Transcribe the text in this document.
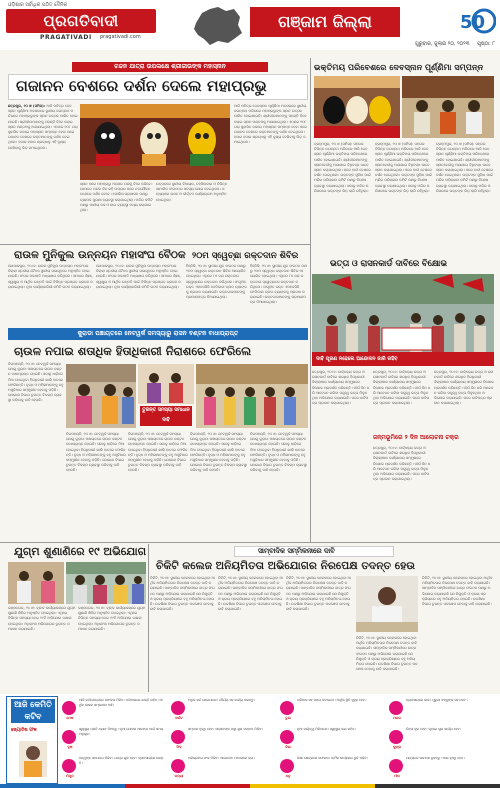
ଓଡ଼ିଶାର ସର୍ବାଧିକ ପଠିତ ଦୈନିକ
ପ୍ରଗତିବାଦୀ
PRAGATIVADI pragativadi.com
ଗଞ୍ଜାମ ଜିଲ୍ଲା	50
ଗୁରୁବାର, ଜୁଲାଇ ୨୦, ୨୦୨୩ ପୃଷ୍ଠା: ୮
ଚନ୍ଦନ ଯାତ୍ରା ଉପଲକ୍ଷେ ଶ୍ରୀଜୀଉଙ୍କ ମହାସ୍ନାନ
ଗଜାନନ ବେଶରେ ଦର୍ଶନ ଦେଲେ ମହାପ୍ରଭୁ
ଛତ୍ରପୁର, ୨୦।୭ (ସମିସ): ଆଜି ପବିତ୍ର ଦେବସ୍ନାନ ପୂର୍ଣ୍ଣିମା ଅବସରରେ ସ୍ଥାନୀୟ ଜଗନ୍ନାଥ ମନ୍ଦିରରେ ମହାପ୍ରଭୁଙ୍କ ସ୍ନାନ ଉତ୍ସବ ପାଳିତ ହୋଇଯାଇଛି। ଶ୍ରୀଜୀଉମାନଙ୍କୁ ପହଣ୍ଡି ବିଜେ କରାଇ ସ୍ନାନ ମଣ୍ଡପକୁ ଅଣାଯାଇଥିଲା। ଏଠାରେ ୧୦୮ ଗରା ସୁବାସିତ ଜଳରେ ମହାସ୍ନାନ ସମ୍ପନ୍ନ ହେବା ପରେ ଗଜାନନ ବେଶରେ ଭକ୍ତମାନଙ୍କୁ ଦର୍ଶନ ଦେଇଥିଲେ। ହଜାର ହଜାର ଶ୍ରଦ୍ଧାଳୁ ଏହି ଦୃଶ୍ୟ ଦେଖିବାକୁ ଭିଡ଼ ଜମାଇଥିଲେ।
ସ୍ନାନ ପରେ ମହାପ୍ରଭୁ ଅଣସର ଘରକୁ ବିଜେ କରିବେ। ସେଠାରେ ପନ୍ଦର ଦିନ ରହି ଉପଚାର ପରେ ନବଯୌବନ ବେଶରେ ଦର୍ଶନ ଦେବେ। ପୋଲିସ ପ୍ରଶାସନ ପକ୍ଷରୁ ବ୍ୟାପକ ସୁରକ୍ଷା ବ୍ୟବସ୍ଥା କରାଯାଇଥିଲା। ମନ୍ଦିର କମିଟି ପକ୍ଷରୁ ପାନୀୟ ଜଳ ଓ ଛାଇ ବ୍ୟବସ୍ଥା ମଧ୍ୟ କରାଯାଇଥିଲା।
ଉତ୍ସବରେ ସ୍ଥାନୀୟ ବିଧାୟକ, ତହସିଲଦାର ଓ ବିଭିନ୍ନ ସାମାଜିକ ସଂଗଠନର ସଦସ୍ୟ ଯୋଗ ଦେଇଥିଲେ। ସନ୍ଧ୍ୟାରେ ଭଜନ ଓ କୀର୍ତ୍ତନ କାର୍ଯ୍ୟକ୍ରମ ଅନୁଷ୍ଠିତ ହୋଇଥିଲା।
ଆଜି ପବିତ୍ର ଦେବସ୍ନାନ ପୂର୍ଣ୍ଣିମା ଅବସରରେ ସ୍ଥାନୀୟ ଜଗନ୍ନାଥ ମନ୍ଦିରରେ ମହାପ୍ରଭୁଙ୍କ ସ୍ନାନ ଉତ୍ସବ ପାଳିତ ହୋଇଯାଇଛି। ଶ୍ରୀଜୀଉମାନଙ୍କୁ ପହଣ୍ଡି ବିଜେ କରାଇ ସ୍ନାନ ମଣ୍ଡପକୁ ଅଣାଯାଇଥିଲା। ଏଠାରେ ୧୦୮ ଗରା ସୁବାସିତ ଜଳରେ ମହାସ୍ନାନ ସମ୍ପନ୍ନ ହେବା ପରେ ଗଜାନନ ବେଶରେ ଭକ୍ତମାନଙ୍କୁ ଦର୍ଶନ ଦେଇଥିଲେ। ହଜାର ହଜାର ଶ୍ରଦ୍ଧାଳୁ ଏହି ଦୃଶ୍ୟ ଦେଖିବାକୁ ଭିଡ଼ ଜମାଇଥିଲେ।
ଭକ୍ତିମୟ ପରିବେଶରେ ଦେବସ୍ନାନ ପୂର୍ଣ୍ଣିମା ସମ୍ପନ୍ନ
ବ୍ରହ୍ମପୁର, ୨୦।୭ (ସମିସ): ସହରର ବିଭିନ୍ନ ଜଗନ୍ନାଥ ମନ୍ଦିରରେ ଆଜି ଦେବସ୍ନାନ ପୂର୍ଣ୍ଣିମା ଭକ୍ତିମୟ ପରିବେଶରେ ପାଳିତ ହୋଇଯାଇଛି। ଶ୍ରୀଜୀଉମାନଙ୍କୁ ସ୍ନାନବେଦୀକୁ ଅଣାଯାଇ ବିଧିବଦ୍ଧ ଭାବେ ସ୍ନାନ କରାଯାଇଥିଲା। ପରେ ହାତୀ ବେଶରେ ଦର୍ଶନ ଦେଇଥିଲେ। ଭକ୍ତଙ୍କ ସୁବିଧା ପାଇଁ ମନ୍ଦିର ପରିଚାଳନା କମିଟି ପକ୍ଷରୁ ବିଶେଷ ବ୍ୟବସ୍ଥା କରାଯାଇଥିଲା। ସକାଳୁ ମନ୍ଦିର ପରିସରରେ ଭକ୍ତଙ୍କ ଭିଡ଼ ଲାଗି ରହିଥିଲା।
ବ୍ରହ୍ମପୁର, ୨୦।୭ (ସମିସ): ସହରର ବିଭିନ୍ନ ଜଗନ୍ନାଥ ମନ୍ଦିରରେ ଆଜି ଦେବସ୍ନାନ ପୂର୍ଣ୍ଣିମା ଭକ୍ତିମୟ ପରିବେଶରେ ପାଳିତ ହୋଇଯାଇଛି। ଶ୍ରୀଜୀଉମାନଙ୍କୁ ସ୍ନାନବେଦୀକୁ ଅଣାଯାଇ ବିଧିବଦ୍ଧ ଭାବେ ସ୍ନାନ କରାଯାଇଥିଲା। ପରେ ହାତୀ ବେଶରେ ଦର୍ଶନ ଦେଇଥିଲେ। ଭକ୍ତଙ୍କ ସୁବିଧା ପାଇଁ ମନ୍ଦିର ପରିଚାଳନା କମିଟି ପକ୍ଷରୁ ବିଶେଷ ବ୍ୟବସ୍ଥା କରାଯାଇଥିଲା। ସକାଳୁ ମନ୍ଦିର ପରିସରରେ ଭକ୍ତଙ୍କ ଭିଡ଼ ଲାଗି ରହିଥିଲା।
ବ୍ରହ୍ମପୁର, ୨୦।୭ (ସମିସ): ସହରର ବିଭିନ୍ନ ଜଗନ୍ନାଥ ମନ୍ଦିରରେ ଆଜି ଦେବସ୍ନାନ ପୂର୍ଣ୍ଣିମା ଭକ୍ତିମୟ ପରିବେଶରେ ପାଳିତ ହୋଇଯାଇଛି। ଶ୍ରୀଜୀଉମାନଙ୍କୁ ସ୍ନାନବେଦୀକୁ ଅଣାଯାଇ ବିଧିବଦ୍ଧ ଭାବେ ସ୍ନାନ କରାଯାଇଥିଲା। ପରେ ହାତୀ ବେଶରେ ଦର୍ଶନ ଦେଇଥିଲେ। ଭକ୍ତଙ୍କ ସୁବିଧା ପାଇଁ ମନ୍ଦିର ପରିଚାଳନା କମିଟି ପକ୍ଷରୁ ବିଶେଷ ବ୍ୟବସ୍ଥା କରାଯାଇଥିଲା। ସକାଳୁ ମନ୍ଦିର ପରିସରରେ ଭକ୍ତଙ୍କ ଭିଡ଼ ଲାଗି ରହିଥିଲା।
ରାଉଳ ମୁନିକୁଲ ଉନ୍ନୟନ ମହାସଂଘ ବୈଠକ
ଗୋପାଳପୁର, ୨୦।୭: ରାଉଳ ମୁନିକୁଲ ଉନ୍ନୟନ ମହାସଂଘର ଜିଲ୍ଲା ସ୍ତରୀୟ ବୈଠକ ସ୍ଥାନୀୟ ସଭାଗୃହରେ ଅନୁଷ୍ଠିତ ହୋଇଯାଇଛି। ସଂଘର ସଭାପତି ଅଧ୍ୟକ୍ଷତା କରିଥିଲେ। ସମାଜର ଶିକ୍ଷା, ସ୍ୱାସ୍ଥ୍ୟ ଓ ଆର୍ଥିକ ଉନ୍ନତି ପାଇଁ ବିଭିନ୍ନ ପ୍ରସ୍ତାବ ଗ୍ରହଣ କରାଯାଇଥିଲା। ନୂଆ କାର୍ଯ୍ୟକାରିଣୀ କମିଟି ଗଠନ କରାଯାଇଥିଲା।
ଗୋପାଳପୁର, ୨୦।୭: ରାଉଳ ମୁନିକୁଲ ଉନ୍ନୟନ ମହାସଂଘର ଜିଲ୍ଲା ସ୍ତରୀୟ ବୈଠକ ସ୍ଥାନୀୟ ସଭାଗୃହରେ ଅନୁଷ୍ଠିତ ହୋଇଯାଇଛି। ସଂଘର ସଭାପତି ଅଧ୍ୟକ୍ଷତା କରିଥିଲେ। ସମାଜର ଶିକ୍ଷା, ସ୍ୱାସ୍ଥ୍ୟ ଓ ଆର୍ଥିକ ଉନ୍ନତି ପାଇଁ ବିଭିନ୍ନ ପ୍ରସ୍ତାବ ଗ୍ରହଣ କରାଯାଇଥିଲା। ନୂଆ କାର୍ଯ୍ୟକାରିଣୀ କମିଟି ଗଠନ କରାଯାଇଥିଲା।
୨୦ମ ସ୍ୱେଚ୍ଛା ରକ୍ତଦାନ ଶିବିର
ହିଞ୍ଜିଳି, ୨୦।୭: ସ୍ଥାନୀୟ ଯୁବ ସଂଗଠନ ପକ୍ଷରୁ ୨୦ମ ସ୍ୱେଚ୍ଛା ରକ୍ତଦାନ ଶିବିର ଆୟୋଜିତ ହୋଇଥିଲା। ଏଥିରେ ୮୫ ଜଣ ରକ୍ତଦାତା ସ୍ୱେଚ୍ଛାରେ ରକ୍ତଦାନ କରିଥିଲେ। ସଂଗୃହୀତ ରକ୍ତ ଏମକେସିଜି ମେଡିକାଲ ବ୍ଲଡ ବ୍ୟାଙ୍କକୁ ପ୍ରଦାନ କରାଯାଇଛି। ରକ୍ତଦାତାମାନଙ୍କୁ ପ୍ରମାଣପତ୍ର ଦିଆଯାଇଥିଲା।
ହିଞ୍ଜିଳି, ୨୦।୭: ସ୍ଥାନୀୟ ଯୁବ ସଂଗଠନ ପକ୍ଷରୁ ୨୦ମ ସ୍ୱେଚ୍ଛା ରକ୍ତଦାନ ଶିବିର ଆୟୋଜିତ ହୋଇଥିଲା। ଏଥିରେ ୮୫ ଜଣ ରକ୍ତଦାତା ସ୍ୱେଚ୍ଛାରେ ରକ୍ତଦାନ କରିଥିଲେ। ସଂଗୃହୀତ ରକ୍ତ ଏମକେସିଜି ମେଡିକାଲ ବ୍ଲଡ ବ୍ୟାଙ୍କକୁ ପ୍ରଦାନ କରାଯାଇଛି। ରକ୍ତଦାତାମାନଙ୍କୁ ପ୍ରମାଣପତ୍ର ଦିଆଯାଇଥିଲା।
ଭତ୍ତା ଓ ରାସନକାର୍ଡ ଦାବିରେ ବିକ୍ଷୋଭ
ଦାବି ପୂରଣ ନହେଲେ ଆନ୍ଦୋଳନ ଜାରି ରହିବ
ଛତ୍ରପୁର, ୨୦।୭: ବାର୍ଦ୍ଧକ୍ୟ ଭତ୍ତା ଓ ରାସନକାର୍ଡ ଦାବିରେ ଶତାଧିକ ହିତାଧିକାରୀ ଜିଲ୍ଲାପାଳ କାର୍ଯ୍ୟାଳୟ ସମ୍ମୁଖରେ ବିକ୍ଷୋଭ ପ୍ରଦର୍ଶନ କରିଛନ୍ତି। ଦୀର୍ଘ ଦିନ ଧରି ଆବେଦନ କରିବା ସତ୍ତ୍ୱେ ଭତ୍ତା ମିଳୁନଥିବା ଅଭିଯୋଗ କରାଯାଇଛି। ପରେ ଦାବିପତ୍ର ପ୍ରଦାନ କରାଯାଇଥିଲା।
ଛତ୍ରପୁର, ୨୦।୭: ବାର୍ଦ୍ଧକ୍ୟ ଭତ୍ତା ଓ ରାସନକାର୍ଡ ଦାବିରେ ଶତାଧିକ ହିତାଧିକାରୀ ଜିଲ୍ଲାପାଳ କାର୍ଯ୍ୟାଳୟ ସମ୍ମୁଖରେ ବିକ୍ଷୋଭ ପ୍ରଦର୍ଶନ କରିଛନ୍ତି। ଦୀର୍ଘ ଦିନ ଧରି ଆବେଦନ କରିବା ସତ୍ତ୍ୱେ ଭତ୍ତା ମିଳୁନଥିବା ଅଭିଯୋଗ କରାଯାଇଛି। ପରେ ଦାବିପତ୍ର ପ୍ରଦାନ କରାଯାଇଥିଲା।
ଜନ୍ମଭୂମିରେ ୨ ଦିନ ଆଲୋଚନା ଚକ୍ର
ଛତ୍ରପୁର, ୨୦।୭: ବାର୍ଦ୍ଧକ୍ୟ ଭତ୍ତା ଓ ରାସନକାର୍ଡ ଦାବିରେ ଶତାଧିକ ହିତାଧିକାରୀ ଜିଲ୍ଲାପାଳ କାର୍ଯ୍ୟାଳୟ ସମ୍ମୁଖରେ ବିକ୍ଷୋଭ ପ୍ରଦର୍ଶନ କରିଛନ୍ତି। ଦୀର୍ଘ ଦିନ ଧରି ଆବେଦନ କରିବା ସତ୍ତ୍ୱେ ଭତ୍ତା ମିଳୁନଥିବା ଅଭିଯୋଗ କରାଯାଇଛି। ପରେ ଦାବିପତ୍ର ପ୍ରଦାନ କରାଯାଇଥିଲା।
ଛତ୍ରପୁର, ୨୦।୭: ବାର୍ଦ୍ଧକ୍ୟ ଭତ୍ତା ଓ ରାସନକାର୍ଡ ଦାବିରେ ଶତାଧିକ ହିତାଧିକାରୀ ଜିଲ୍ଲାପାଳ କାର୍ଯ୍ୟାଳୟ ସମ୍ମୁଖରେ ବିକ୍ଷୋଭ ପ୍ରଦର୍ଶନ କରିଛନ୍ତି। ଦୀର୍ଘ ଦିନ ଧରି ଆବେଦନ କରିବା ସତ୍ତ୍ୱେ ଭତ୍ତା ମିଳୁନଥିବା ଅଭିଯୋଗ କରାଯାଇଛି। ପରେ ଦାବିପତ୍ର ପ୍ରଦାନ କରାଯାଇଥିଲା।
କୁରାଡା ପଞ୍ଚାୟତରେ ନେଟୱର୍କ ସମସ୍ୟାରୁ ରାସନ ବଣ୍ଟନ ବାଧାପ୍ରାପ୍ତ
ଚାଉଳ ନପାଇ ଶତାଧିକ ହିତାଧିକାରୀ ନିରାଶରେ ଫେରିଲେ
ଦିଗପହଣ୍ଡି, ୨୦।୭: ନେଟୱର୍କ ସମସ୍ୟା ଯୋଗୁ କୁରାଡା ପଞ୍ଚାୟତରେ ଚାଉଳ ବଣ୍ଟନ ବାଧାପ୍ରାପ୍ତ ହୋଇଛି। ସକାଳୁ ଧାଡ଼ିରେ ଠିଆ ହୋଇଥିବା ହିତାଧିକାରୀ ଖାଲି ହାତରେ ଫେରିଛନ୍ତି। ବୃଦ୍ଧ ଓ ମହିଳାମାନଙ୍କୁ ବହୁ ଅସୁବିଧାର ସମ୍ମୁଖୀନ ହେବାକୁ ପଡ଼ିଛି। ଯୋଗାଣ ବିଭାଗ ତୁରନ୍ତ ବିକଳ୍ପ ବ୍ୟବସ୍ଥା କରିବାକୁ ଦାବି ହେଉଛି।
ତୁରନ୍ତ ସମସ୍ୟା ସମାଧାନ ଦାବି
ଦିଗପହଣ୍ଡି, ୨୦।୭: ନେଟୱର୍କ ସମସ୍ୟା ଯୋଗୁ କୁରାଡା ପଞ୍ଚାୟତରେ ଚାଉଳ ବଣ୍ଟନ ବାଧାପ୍ରାପ୍ତ ହୋଇଛି। ସକାଳୁ ଧାଡ଼ିରେ ଠିଆ ହୋଇଥିବା ହିତାଧିକାରୀ ଖାଲି ହାତରେ ଫେରିଛନ୍ତି। ବୃଦ୍ଧ ଓ ମହିଳାମାନଙ୍କୁ ବହୁ ଅସୁବିଧାର ସମ୍ମୁଖୀନ ହେବାକୁ ପଡ଼ିଛି। ଯୋଗାଣ ବିଭାଗ ତୁରନ୍ତ ବିକଳ୍ପ ବ୍ୟବସ୍ଥା କରିବାକୁ ଦାବି ହେଉଛି।
ଦିଗପହଣ୍ଡି, ୨୦।୭: ନେଟୱର୍କ ସମସ୍ୟା ଯୋଗୁ କୁରାଡା ପଞ୍ଚାୟତରେ ଚାଉଳ ବଣ୍ଟନ ବାଧାପ୍ରାପ୍ତ ହୋଇଛି। ସକାଳୁ ଧାଡ଼ିରେ ଠିଆ ହୋଇଥିବା ହିତାଧିକାରୀ ଖାଲି ହାତରେ ଫେରିଛନ୍ତି। ବୃଦ୍ଧ ଓ ମହିଳାମାନଙ୍କୁ ବହୁ ଅସୁବିଧାର ସମ୍ମୁଖୀନ ହେବାକୁ ପଡ଼ିଛି। ଯୋଗାଣ ବିଭାଗ ତୁରନ୍ତ ବିକଳ୍ପ ବ୍ୟବସ୍ଥା କରିବାକୁ ଦାବି ହେଉଛି।
ଦିଗପହଣ୍ଡି, ୨୦।୭: ନେଟୱର୍କ ସମସ୍ୟା ଯୋଗୁ କୁରାଡା ପଞ୍ଚାୟତରେ ଚାଉଳ ବଣ୍ଟନ ବାଧାପ୍ରାପ୍ତ ହୋଇଛି। ସକାଳୁ ଧାଡ଼ିରେ ଠିଆ ହୋଇଥିବା ହିତାଧିକାରୀ ଖାଲି ହାତରେ ଫେରିଛନ୍ତି। ବୃଦ୍ଧ ଓ ମହିଳାମାନଙ୍କୁ ବହୁ ଅସୁବିଧାର ସମ୍ମୁଖୀନ ହେବାକୁ ପଡ଼ିଛି। ଯୋଗାଣ ବିଭାଗ ତୁରନ୍ତ ବିକଳ୍ପ ବ୍ୟବସ୍ଥା କରିବାକୁ ଦାବି ହେଉଛି।
ଦିଗପହଣ୍ଡି, ୨୦।୭: ନେଟୱର୍କ ସମସ୍ୟା ଯୋଗୁ କୁରାଡା ପଞ୍ଚାୟତରେ ଚାଉଳ ବଣ୍ଟନ ବାଧାପ୍ରାପ୍ତ ହୋଇଛି। ସକାଳୁ ଧାଡ଼ିରେ ଠିଆ ହୋଇଥିବା ହିତାଧିକାରୀ ଖାଲି ହାତରେ ଫେରିଛନ୍ତି। ବୃଦ୍ଧ ଓ ମହିଳାମାନଙ୍କୁ ବହୁ ଅସୁବିଧାର ସମ୍ମୁଖୀନ ହେବାକୁ ପଡ଼ିଛି। ଯୋଗାଣ ବିଭାଗ ତୁରନ୍ତ ବିକଳ୍ପ ବ୍ୟବସ୍ଥା କରିବାକୁ ଦାବି ହେଉଛି।
ଯୁଗ୍ମ ଶୁଣାଣିରେ ୧୯ ଅଭିଯୋଗ
ଭଞ୍ଜନଗର, ୨୦।୭: ବ୍ଲକ କାର୍ଯ୍ୟାଳୟରେ ଯୁଗ୍ମ ଶୁଣାଣି ଶିବିର ଅନୁଷ୍ଠିତ ହୋଇଥିଲା। ଏଥିରେ ବିଭିନ୍ନ ସମସ୍ୟା ନେଇ ୧୯ଟି ଅଭିଯୋଗ ଦାଖଲ ହୋଇଥିଲା। ଅଧିକାଂଶ ଅଭିଯୋଗର ତୁରନ୍ତ ସମାଧାନ କରାଯାଇଛି।
ଭଞ୍ଜନଗର, ୨୦।୭: ବ୍ଲକ କାର୍ଯ୍ୟାଳୟରେ ଯୁଗ୍ମ ଶୁଣାଣି ଶିବିର ଅନୁଷ୍ଠିତ ହୋଇଥିଲା। ଏଥିରେ ବିଭିନ୍ନ ସମସ୍ୟା ନେଇ ୧୯ଟି ଅଭିଯୋଗ ଦାଖଲ ହୋଇଥିଲା। ଅଧିକାଂଶ ଅଭିଯୋଗର ତୁରନ୍ତ ସମାଧାନ କରାଯାଇଛି।
ସାମ୍ବାଦିକ ସମ୍ମିଳନୀରେ ଦାବି
ଚିକିଟି କଲେଜ ଅନିୟମିତତା ଅଭିଯୋଗର ନିରପେକ୍ଷ ତଦନ୍ତ ହେଉ
ଚିକିଟି, ୨୦।୭: ସ୍ଥାନୀୟ କଲେଜରେ ହୋଇଥିବା ଆର୍ଥିକ ଅନିୟମିତତାର ନିରପେକ୍ଷ ତଦନ୍ତ ଦାବି କରାଯାଇଛି। ସାମ୍ବାଦିକ ସମ୍ମିଳନୀରେ ଛାତ୍ର ସଂଗଠନ ପକ୍ଷରୁ ଅଭିଯୋଗ କରାଯାଇଛି ଯେ ନିଯୁକ୍ତି ଓ କ୍ରୟ ପ୍ରକ୍ରିୟାରେ ବହୁ ଅନିୟମିତତା ହୋଇଛି। ଉଚ୍ଚଶିକ୍ଷା ବିଭାଗ ତୁରନ୍ତ ପଦକ୍ଷେପ ନେବାକୁ ଦାବି କରାଯାଇଛି।
ଚିକିଟି, ୨୦।୭: ସ୍ଥାନୀୟ କଲେଜରେ ହୋଇଥିବା ଆର୍ଥିକ ଅନିୟମିତତାର ନିରପେକ୍ଷ ତଦନ୍ତ ଦାବି କରାଯାଇଛି। ସାମ୍ବାଦିକ ସମ୍ମିଳନୀରେ ଛାତ୍ର ସଂଗଠନ ପକ୍ଷରୁ ଅଭିଯୋଗ କରାଯାଇଛି ଯେ ନିଯୁକ୍ତି ଓ କ୍ରୟ ପ୍ରକ୍ରିୟାରେ ବହୁ ଅନିୟମିତତା ହୋଇଛି। ଉଚ୍ଚଶିକ୍ଷା ବିଭାଗ ତୁରନ୍ତ ପଦକ୍ଷେପ ନେବାକୁ ଦାବି କରାଯାଇଛି।
ଚିକିଟି, ୨୦।୭: ସ୍ଥାନୀୟ କଲେଜରେ ହୋଇଥିବା ଆର୍ଥିକ ଅନିୟମିତତାର ନିରପେକ୍ଷ ତଦନ୍ତ ଦାବି କରାଯାଇଛି। ସାମ୍ବାଦିକ ସମ୍ମିଳନୀରେ ଛାତ୍ର ସଂଗଠନ ପକ୍ଷରୁ ଅଭିଯୋଗ କରାଯାଇଛି ଯେ ନିଯୁକ୍ତି ଓ କ୍ରୟ ପ୍ରକ୍ରିୟାରେ ବହୁ ଅନିୟମିତତା ହୋଇଛି। ଉଚ୍ଚଶିକ୍ଷା ବିଭାଗ ତୁରନ୍ତ ପଦକ୍ଷେପ ନେବାକୁ ଦାବି କରାଯାଇଛି।
ଚିକିଟି, ୨୦।୭: ସ୍ଥାନୀୟ କଲେଜରେ ହୋଇଥିବା ଆର୍ଥିକ ଅନିୟମିତତାର ନିରପେକ୍ଷ ତଦନ୍ତ ଦାବି କରାଯାଇଛି। ସାମ୍ବାଦିକ ସମ୍ମିଳନୀରେ ଛାତ୍ର ସଂଗଠନ ପକ୍ଷରୁ ଅଭିଯୋଗ କରାଯାଇଛି ଯେ ନିଯୁକ୍ତି ଓ କ୍ରୟ ପ୍ରକ୍ରିୟାରେ ବହୁ ଅନିୟମିତତା ହୋଇଛି। ଉଚ୍ଚଶିକ୍ଷା ବିଭାଗ ତୁରନ୍ତ ପଦକ୍ଷେପ ନେବାକୁ ଦାବି କରାଯାଇଛି।
ଚିକିଟି, ୨୦।୭: ସ୍ଥାନୀୟ କଲେଜରେ ହୋଇଥିବା ଆର୍ଥିକ ଅନିୟମିତତାର ନିରପେକ୍ଷ ତଦନ୍ତ ଦାବି କରାଯାଇଛି। ସାମ୍ବାଦିକ ସମ୍ମିଳନୀରେ ଛାତ୍ର ସଂଗଠନ ପକ୍ଷରୁ ଅଭିଯୋଗ କରାଯାଇଛି ଯେ ନିଯୁକ୍ତି ଓ କ୍ରୟ ପ୍ରକ୍ରିୟାରେ ବହୁ ଅନିୟମିତତା ହୋଇଛି। ଉଚ୍ଚଶିକ୍ଷା ବିଭାଗ ତୁରନ୍ତ ପଦକ୍ଷେପ ନେବାକୁ ଦାବି କରାଯାଇଛି।
ଆଜି କେମିତି କଟିବ
ଜ୍ୟୋତିଷ ଫଳ
ମେଷ
ଆଜି କର୍ମକ୍ଷେତ୍ରରେ ସଫଳତା ମିଳିବ। ପରିବାରରେ ଶାନ୍ତି ରହିବ। ଆର୍ଥିକ ଲାଭର ସମ୍ଭାବନା ଅଛି।
ବୃଷ
ସ୍ୱାସ୍ଥ୍ୟ ପ୍ରତି ଧ୍ୟାନ ଦିଅନ୍ତୁ। ନୂଆ ଯୋଜନା ଆରମ୍ଭ ପାଇଁ ସମୟ ଅନୁକୂଳ।
ମିଥୁନ
ବନ୍ଧୁଙ୍କ ସହଯୋଗ ମିଳିବ। ଯାତ୍ରା ଶୁଭ ହେବ। ବ୍ୟବସାୟରେ ଉନ୍ନତି।
କର୍କଟ
ଅଧିକ ଖର୍ଚ୍ଚ ହୋଇପାରେ। ଧୈର୍ଯ୍ୟ ସହ କାର୍ଯ୍ୟ କରନ୍ତୁ।
ସିଂହ
ସମ୍ମାନ ବୃଦ୍ଧି ହେବ। ସନ୍ତାନଙ୍କ ଠାରୁ ଶୁଭ ସମ୍ବାଦ ମିଳିବ।
କନ୍ୟା
ପରିଶ୍ରମର ଫଳ ମିଳିବ। ଆଇନଗତ ମାମଲାରେ ଜୟ।
ତୁଳା
ପରିବାର ସହ ସମୟ କଟାଇବେ। ଆର୍ଥିକ ସ୍ଥିତି ସୁଦୃଢ଼ ହେବ।
ବିଛା
ନୂଆ ଦାୟିତ୍ୱ ମିଳିପାରେ। ସ୍ୱାସ୍ଥ୍ୟ ଭଲ ରହିବ।
ଧନୁ
ଶିକ୍ଷା କ୍ଷେତ୍ରରେ ସଫଳତା। ଧାର୍ମିକ କାର୍ଯ୍ୟରେ ରୁଚି ବଢ଼ିବ।
ମକର
ବ୍ୟବସାୟରେ ଲାଭ। ପୁରୁଣା ବନ୍ଧୁଙ୍କ ସହ ଭେଟ।
କୁମ୍ଭ
ଚିନ୍ତା ଦୂର ହେବ। ଗୃହରେ ଶୁଭ କାର୍ଯ୍ୟ ହେବ।
ମୀନ
ଯାତ୍ରାରେ ସାବଧାନ ରୁହନ୍ତୁ। ଆୟ ବୃଦ୍ଧି ହେବ।
